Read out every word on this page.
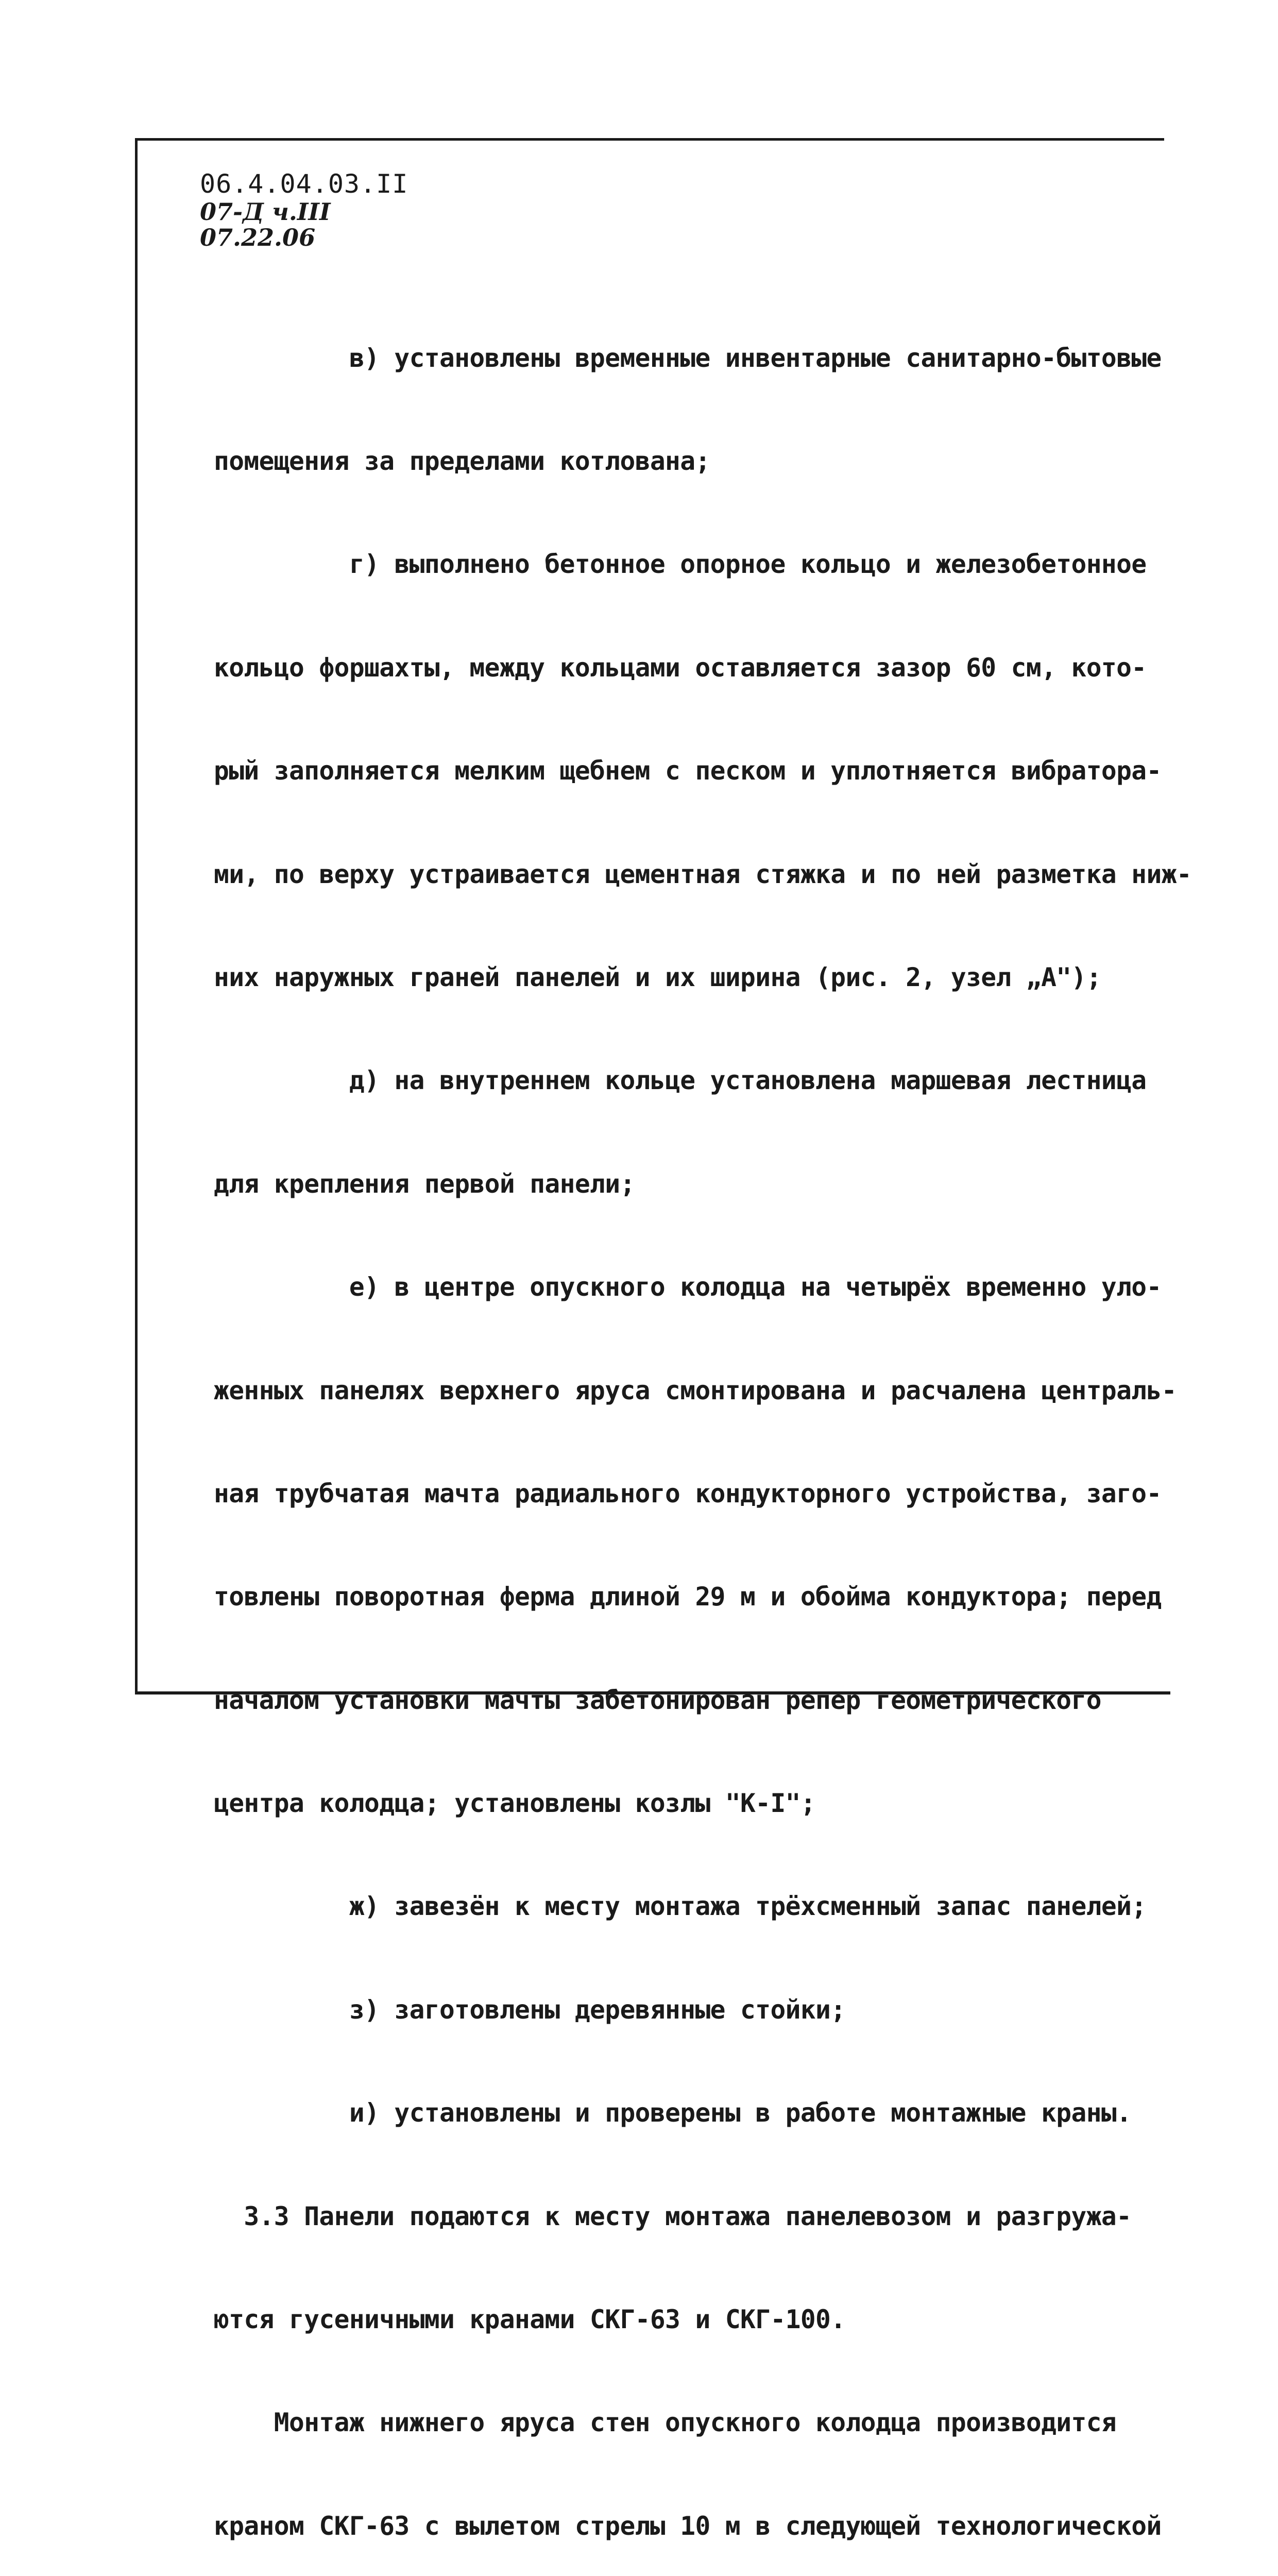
06.4.04.03.II
07-Д ч.III
07.22.06

в) установлены временные инвентарные санитарно-бытовые

помещения за пределами котлована;

г) выполнено бетонное опорное кольцо и железобетонное

кольцо форшахты, между кольцами оставляется зазор 60 см, кото-

рый заполняется мелким щебнем с песком и уплотняется вибратора-

ми, по верху устраивается цементная стяжка и по ней разметка ниж-

них наружных граней панелей и их ширина (рис. 2, узел „А");

д) на внутреннем кольце установлена маршевая лестница

для крепления первой панели;

е) в центре опускного колодца на четырёх временно уло-

женных панелях верхнего яруса смонтирована и расчалена централь-

ная трубчатая мачта радиального кондукторного устройства, заго-

товлены поворотная ферма длиной 29 м и обойма кондуктора; перед

началом установки мачты забетонирован репер геометрического

центра колодца; установлены козлы "К-I";

ж) завезён к месту монтажа трёхсменный запас панелей;

з) заготовлены деревянные стойки;

и) установлены и проверены в работе монтажные краны.

3.3 Панели подаются к месту монтажа панелевозом и разгружа-

ются гусеничными кранами СКГ-63 и СКГ-100.

Монтаж нижнего яруса стен опускного колодца производится

краном СКГ-63 с вылетом стрелы 10 м в следующей технологической
